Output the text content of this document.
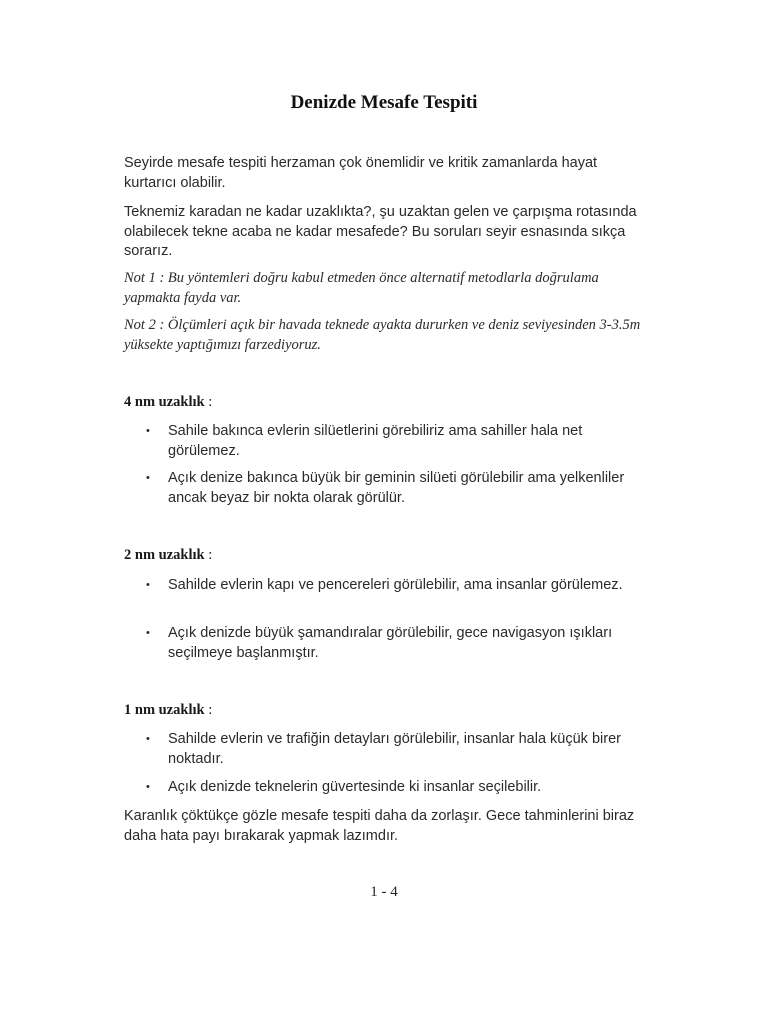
Denizde Mesafe Tespiti

Seyirde mesafe tespiti herzaman çok önemlidir ve kritik zamanlarda hayat kurtarıcı olabilir.

Teknemiz karadan ne kadar uzaklıkta?, şu uzaktan gelen ve çarpışma rotasında olabilecek tekne acaba ne kadar mesafede? Bu soruları seyir esnasında sıkça sorarız.

Not 1 : Bu yöntemleri doğru kabul etmeden önce alternatif metodlarla doğrulama yapmakta fayda var.

Not 2 : Ölçümleri açık bir havada teknede ayakta dururken ve deniz seviyesinden 3-3.5m yüksekte yaptığımızı farzediyoruz.

4 nm uzaklık :
• Sahile bakınca evlerin silüetlerini görebiliriz ama sahiller hala net görülemez.
• Açık denize bakınca büyük bir geminin silüeti görülebilir ama yelkenliler ancak beyaz bir nokta olarak görülür.
2 nm uzaklık :
• Sahilde evlerin kapı ve pencereleri görülebilir, ama insanlar görülemez.
• Açık denizde büyük şamandıralar görülebilir, gece navigasyon ışıkları seçilmeye başlanmıştır.
1 nm uzaklık :
• Sahilde evlerin ve trafiğin detayları görülebilir, insanlar hala küçük birer noktadır.
• Açık denizde teknelerin güvertesinde ki insanlar seçilebilir.

Karanlık çöktükçe gözle mesafe tespiti daha da zorlaşır. Gece tahminlerini biraz daha hata payı bırakarak yapmak lazımdır.

1 - 4
